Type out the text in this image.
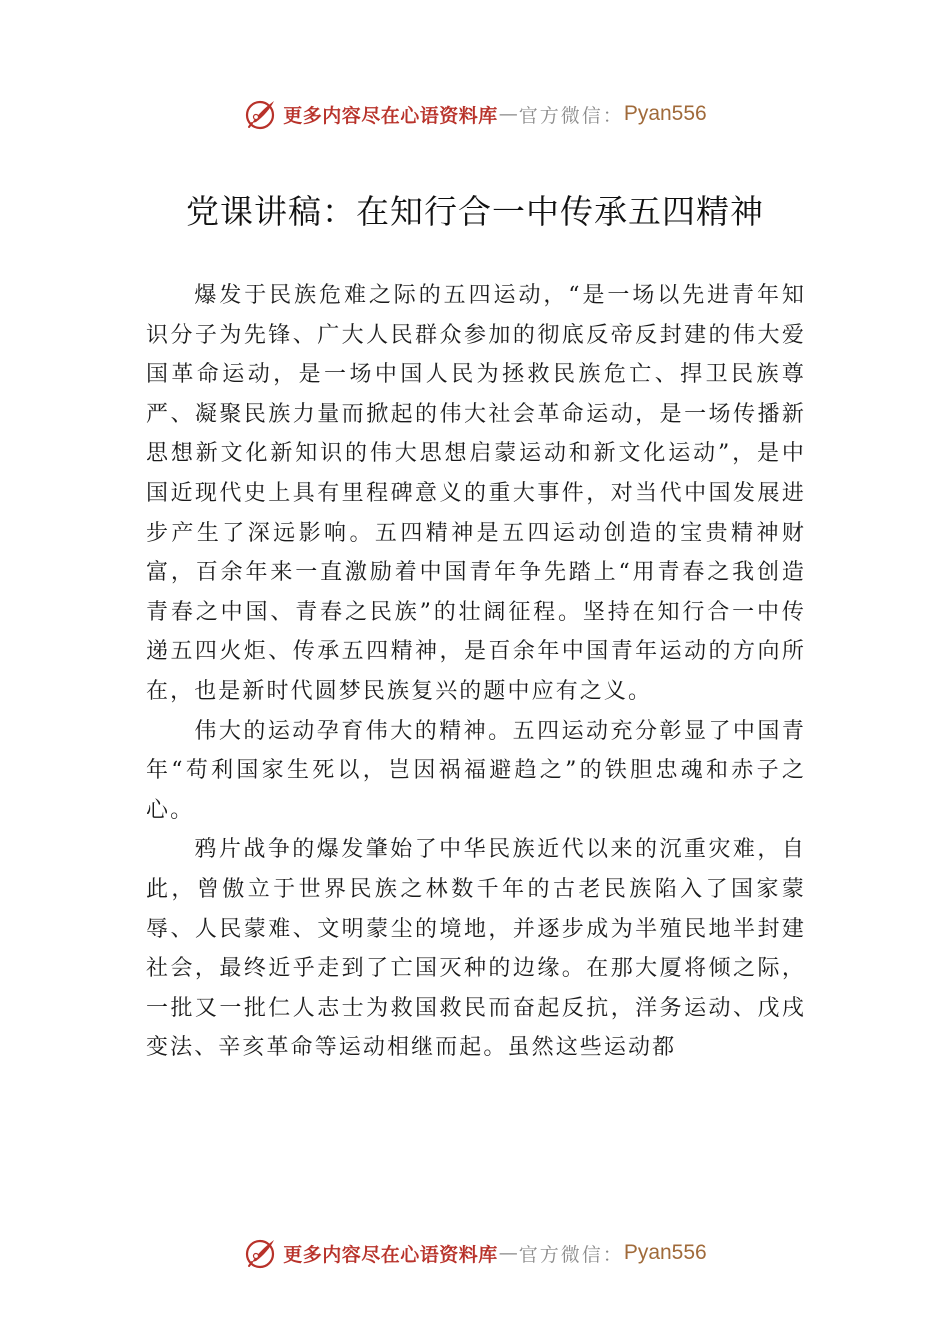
更多内容尽在心语资料库 — 官方微信： Pyan556
党课讲稿：在知行合一中传承五四精神

爆发于民族危难之际的五四运动，“是一场以先进青年知识分子为先锋、广大人民群众参加的彻底反帝反封建的伟大爱国革命运动，是一场中国人民为拯救民族危亡、捍卫民族尊严、凝聚民族力量而掀起的伟大社会革命运动，是一场传播新思想新文化新知识的伟大思想启蒙运动和新文化运动”，是中国近现代史上具有里程碑意义的重大事件，对当代中国发展进步产生了深远影响。五四精神是五四运动创造的宝贵精神财富，百余年来一直激励着中国青年争先踏上“用青春之我创造青春之中国、青春之民族”的壮阔征程。坚持在知行合一中传递五四火炬、传承五四精神，是百余年中国青年运动的方向所在，也是新时代圆梦民族复兴的题中应有之义。

伟大的运动孕育伟大的精神。五四运动充分彰显了中国青年“苟利国家生死以，岂因祸福避趋之”的铁胆忠魂和赤子之心。

鸦片战争的爆发肇始了中华民族近代以来的沉重灾难，自此，曾傲立于世界民族之林数千年的古老民族陷入了国家蒙辱、人民蒙难、文明蒙尘的境地，并逐步成为半殖民地半封建社会，最终近乎走到了亡国灭种的边缘。在那大厦将倾之际，一批又一批仁人志士为救国救民而奋起反抗，洋务运动、戊戌变法、辛亥革命等运动相继而起。虽然这些运动都

更多内容尽在心语资料库 — 官方微信： Pyan556
